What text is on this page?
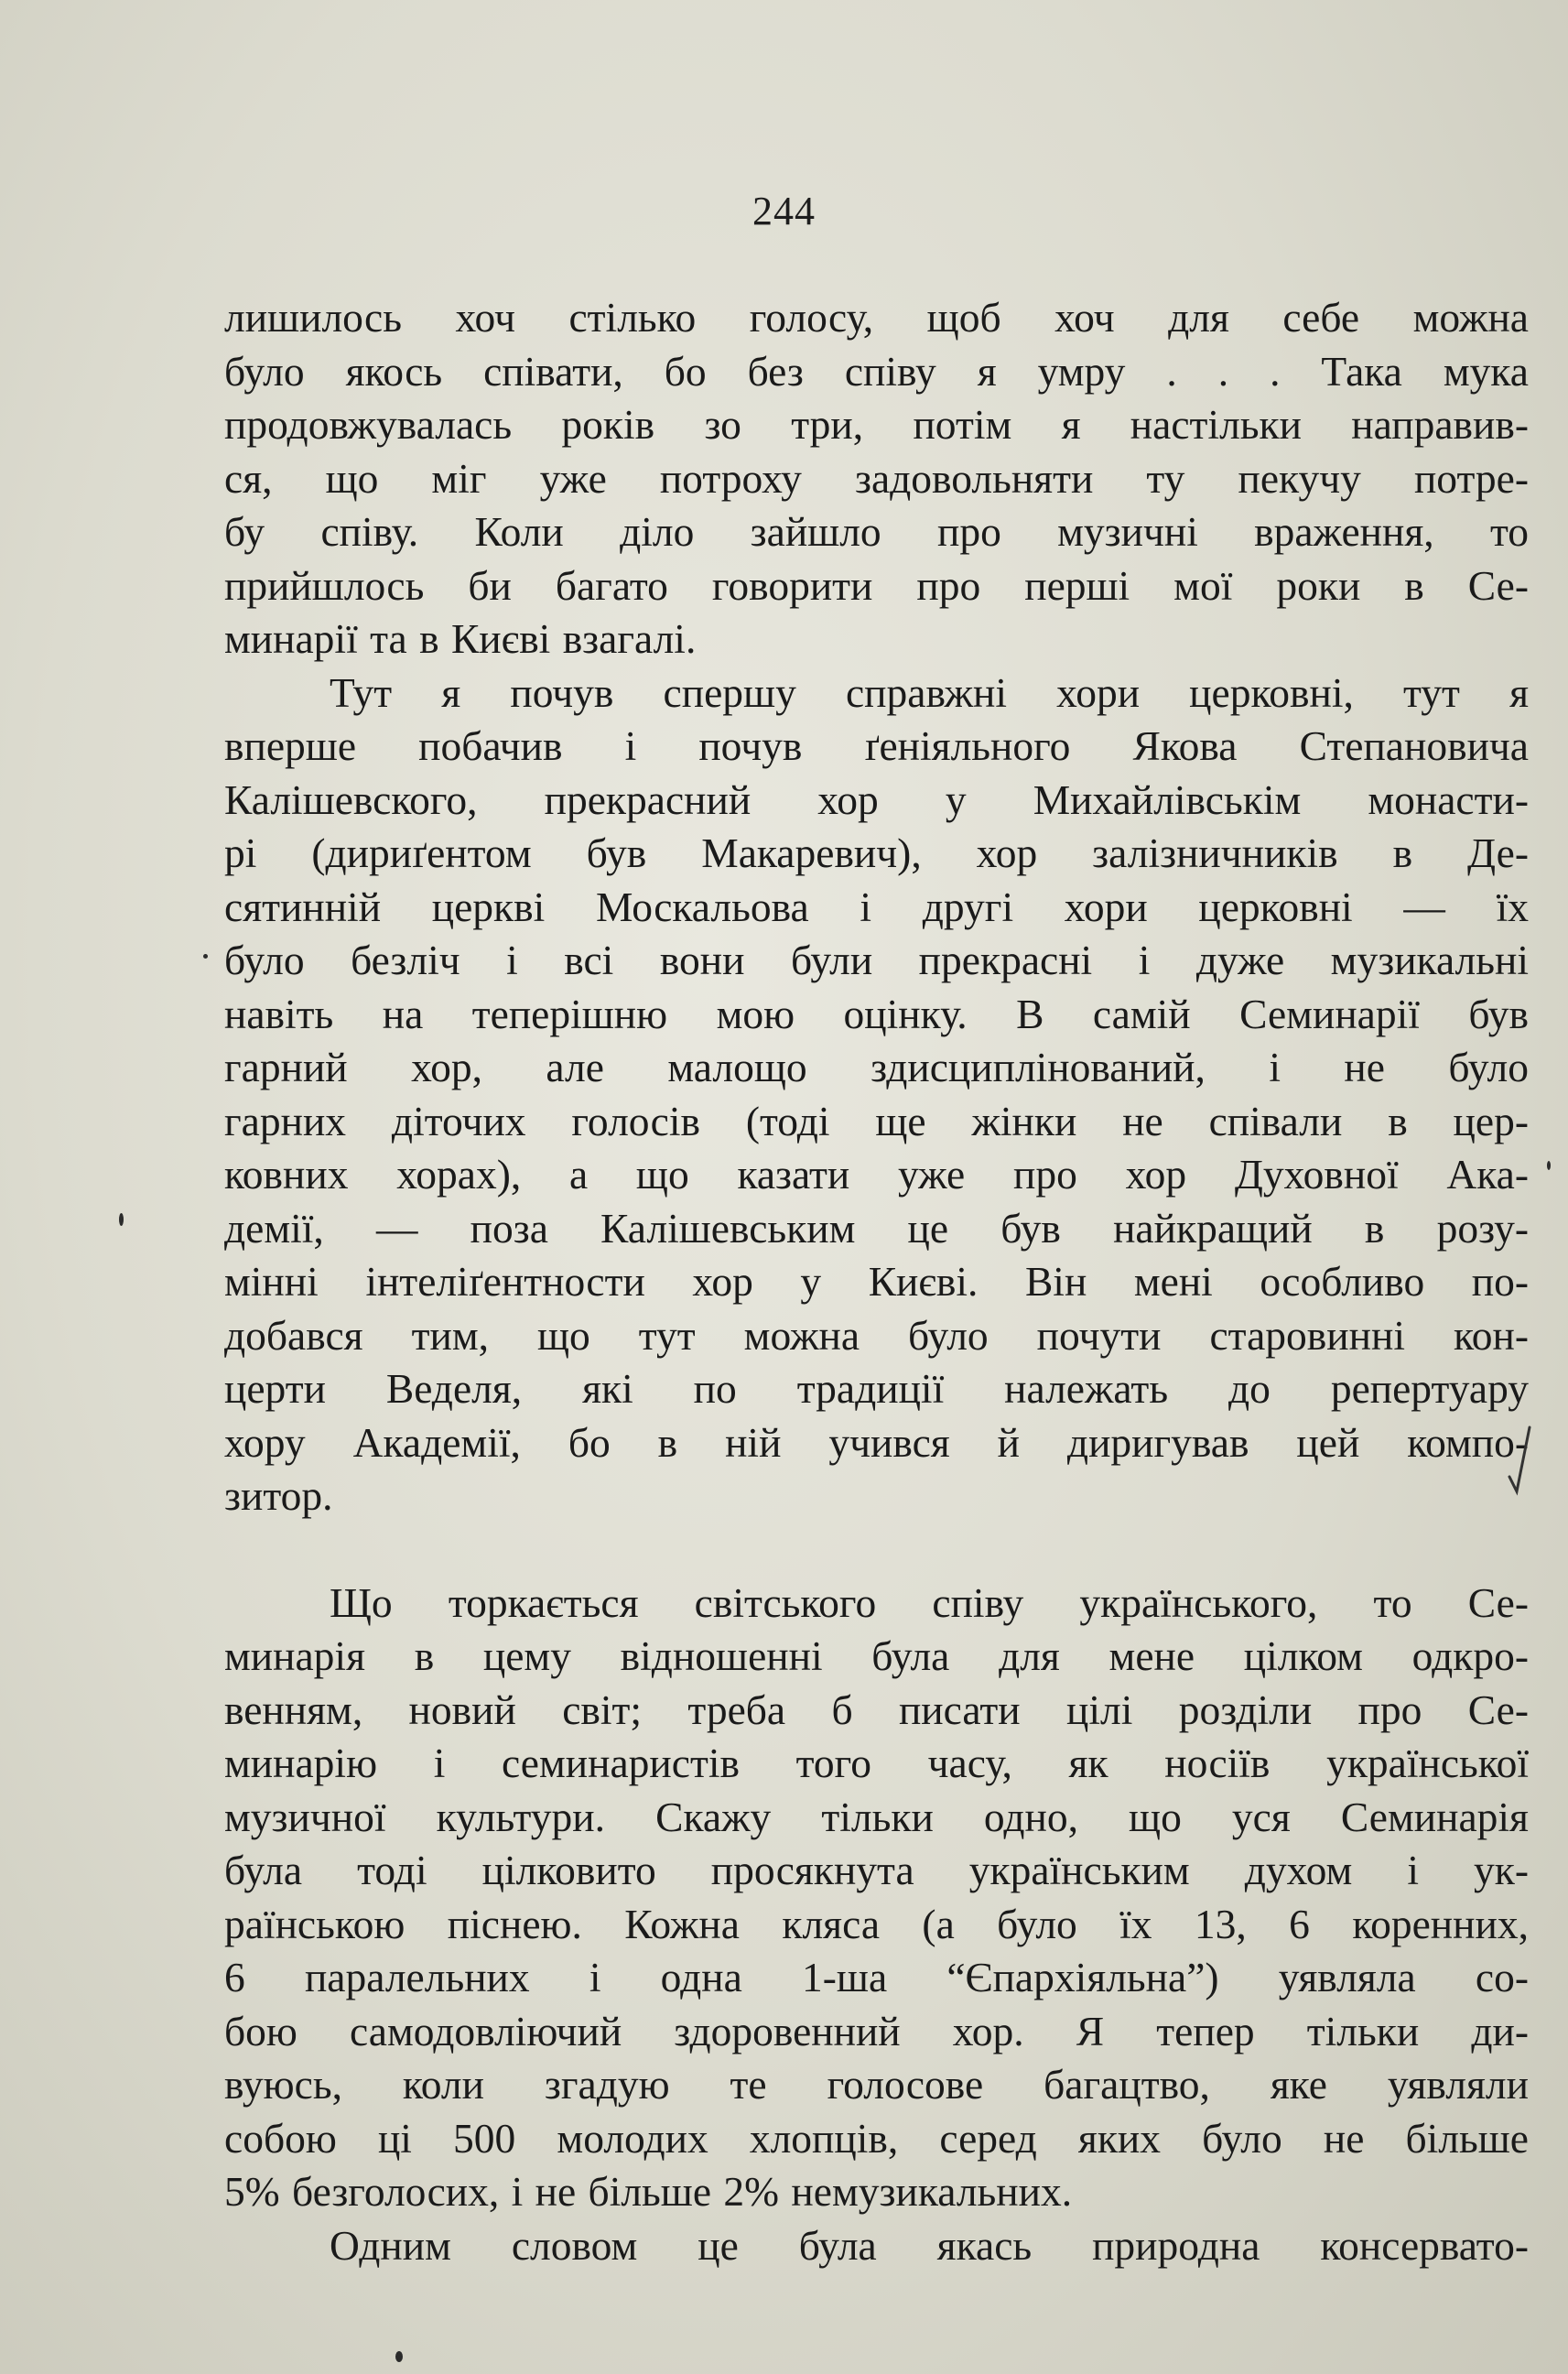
244
лишилось хоч стілько голосу, щоб хоч для себе можна
було якось співати, бо без співу я умру . . . Така мука
продовжувалась років зо три, потім я настільки направив-
ся, що міг уже потроху задовольняти ту пекучу потре-
бу співу. Коли діло зайшло про музичні враження, то
прийшлось би багато говорити про перші мої роки в Се-
минарії та в Києві взагалі.
Тут я почув спершу справжні хори церковні, тут я
вперше побачив і почув ґеніяльного Якова Степановича
Калішевского, прекрасний хор у Михайлівськім монасти-
рі (дириґентом був Макаревич), хор залізничників в Де-
сятинній церкві Москальова і другі хори церковні — їх
було безліч і всі вони були прекрасні і дуже музикальні
навіть на теперішню мою оцінку. В самій Семинарії був
гарний хор, але малощо здисциплінований, і не було
гарних діточих голосів (тоді ще жінки не співали в цер-
ковних хорах), а що казати уже про хор Духовної Ака-
демії, — поза Калішевським це був найкращий в розу-
мінні інтеліґентности хор у Києві. Він мені особливо по-
добався тим, що тут можна було почути старовинні кон-
церти Веделя, які по традиції належать до репертуару
хору Академії, бо в ній учився й диригував цей компо-
зитор.
Що торкається світського співу українського, то Се-
минарія в цему відношенні була для мене цілком одкро-
венням, новий світ; треба б писати цілі розділи про Се-
минарію і семинаристів того часу, як носіїв української
музичної культури. Скажу тільки одно, що уся Семинарія
була тоді цілковито просякнута українським духом і ук-
раїнською піснею. Кожна кляса (а було їх 13, 6 коренних,
6 паралельних і одна 1-ша “Єпархіяльна”) уявляла со-
бою самодовліючий здоровенний хор. Я тепер тільки ди-
вуюсь, коли згадую те голосове багацтво, яке уявляли
собою ці 500 молодих хлопців, серед яких було не більше
5% безголосих, і не більше 2% немузикальних.
Одним словом це була якась природна консервато-
